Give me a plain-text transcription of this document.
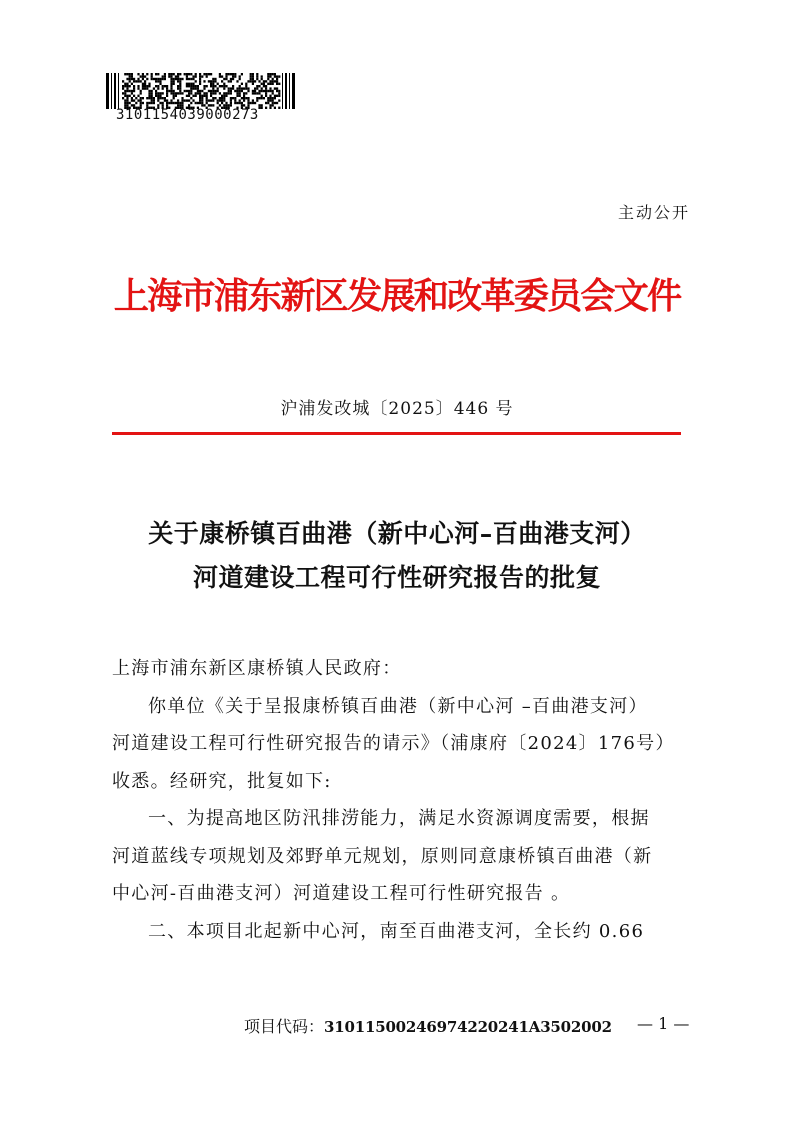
3101154039000273
主动公开
上海市浦东新区发展和改革委员会文件
沪浦发改城〔2025〕446 号
关于康桥镇百曲港（新中心河–百曲港支河）
河道建设工程可行性研究报告的批复
上海市浦东新区康桥镇人民政府：
你单位《关于呈报康桥镇百曲港（新中心河 –百曲港支河）
河道建设工程可行性研究报告的请示》（浦康府〔2024〕176号）
收悉。经研究，批复如下:
一、为提高地区防汛排涝能力，满足水资源调度需要，根据
河道蓝线专项规划及郊野单元规划，原则同意康桥镇百曲港（新
中心河-百曲港支河）河道建设工程可行性研究报告 。
二、本项目北起新中心河，南至百曲港支河，全长约 0.66
项目代码：31011500246974220241A3502002 — 1 —
